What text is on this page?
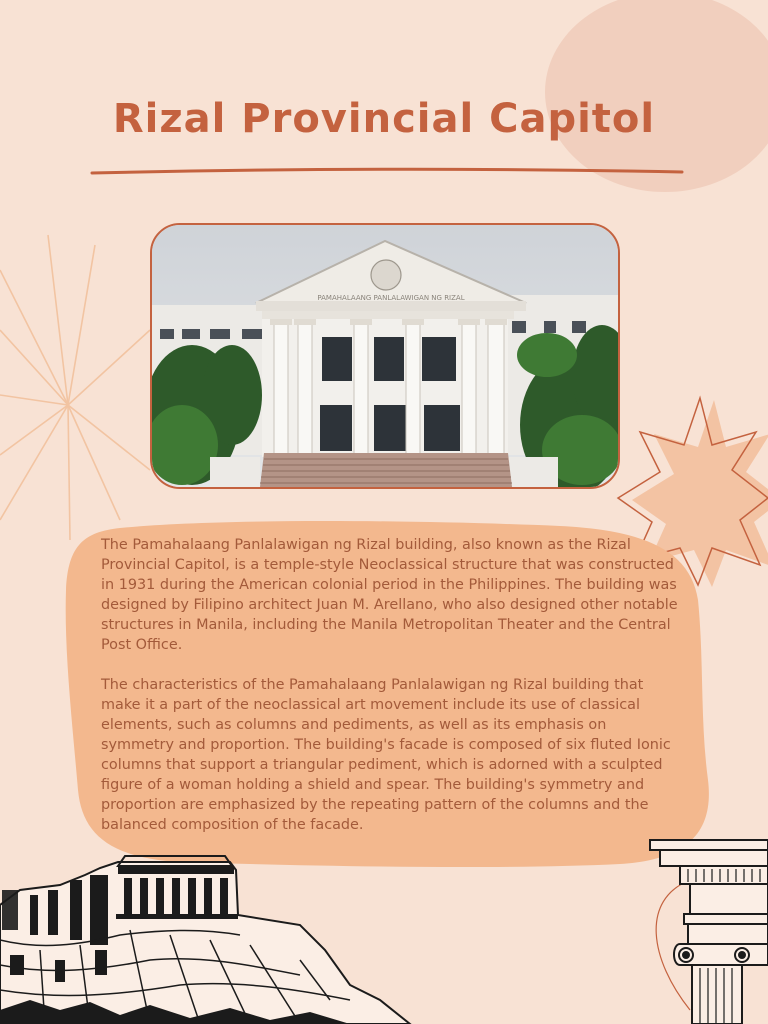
Rizal Provincial Capitol
PAMAHALAANG PANLALAWIGAN NG RIZAL

The Pamahalaang Panlalawigan ng Rizal building, also known as the Rizal Provincial Capitol, is a temple-style Neoclassical structure that was constructed in 1931 during the American colonial period in the Philippines. The building was designed by Filipino architect Juan M. Arellano, who also designed other notable structures in Manila, including the Manila Metropolitan Theater and the Central Post Office.

The characteristics of the Pamahalaang Panlalawigan ng Rizal building that make it a part of the neoclassical art movement include its use of classical elements, such as columns and pediments, as well as its emphasis on symmetry and proportion. The building's facade is composed of six fluted Ionic columns that support a triangular pediment, which is adorned with a sculpted figure of a woman holding a shield and spear. The building's symmetry and proportion are emphasized by the repeating pattern of the columns and the balanced composition of the facade.
